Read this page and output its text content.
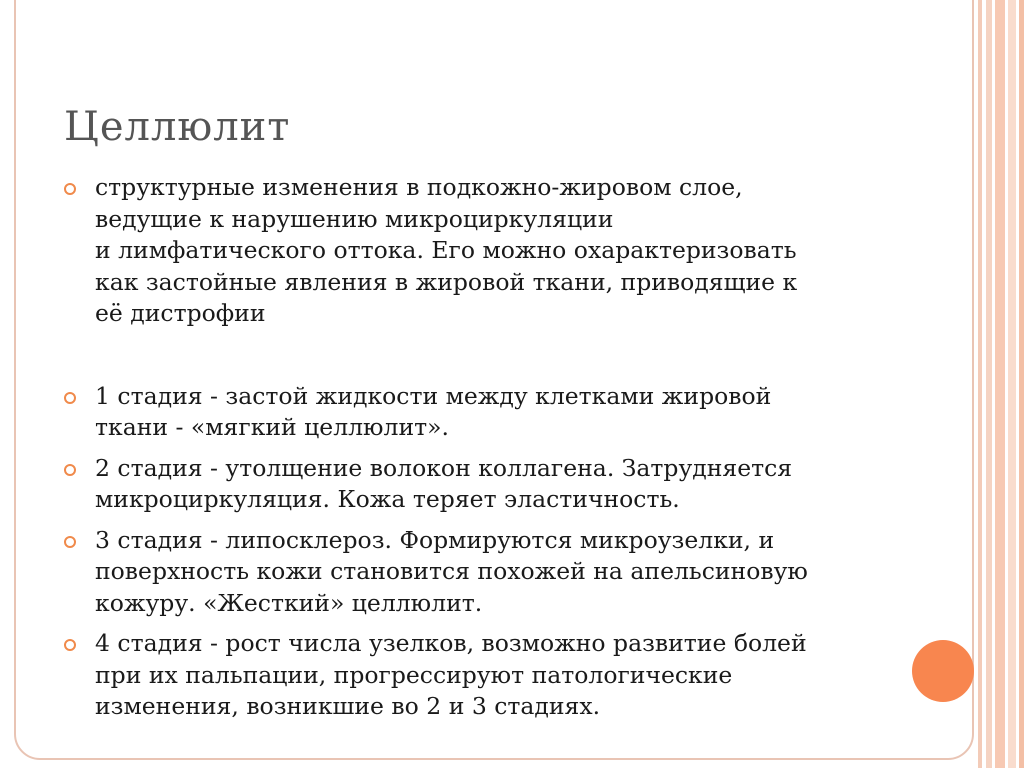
Целлюлит
структурные изменения в подкожно-жировом слое,
ведущие к нарушению микроциркуляции
и лимфатического оттока. Его можно охарактеризовать
как застойные явления в жировой ткани, приводящие к
её дистрофии
1 стадия - застой жидкости между клетками жировой
ткани - «мягкий целлюлит».
2 стадия - утолщение волокон коллагена. Затрудняется
микроциркуляция. Кожа теряет эластичность.
3 стадия - липосклероз. Формируются микроузелки, и
поверхность кожи становится похожей на апельсиновую
кожуру. «Жесткий» целлюлит.
4 стадия - рост числа узелков, возможно развитие болей
при их пальпации, прогрессируют патологические
изменения, возникшие во 2 и 3 стадиях.
